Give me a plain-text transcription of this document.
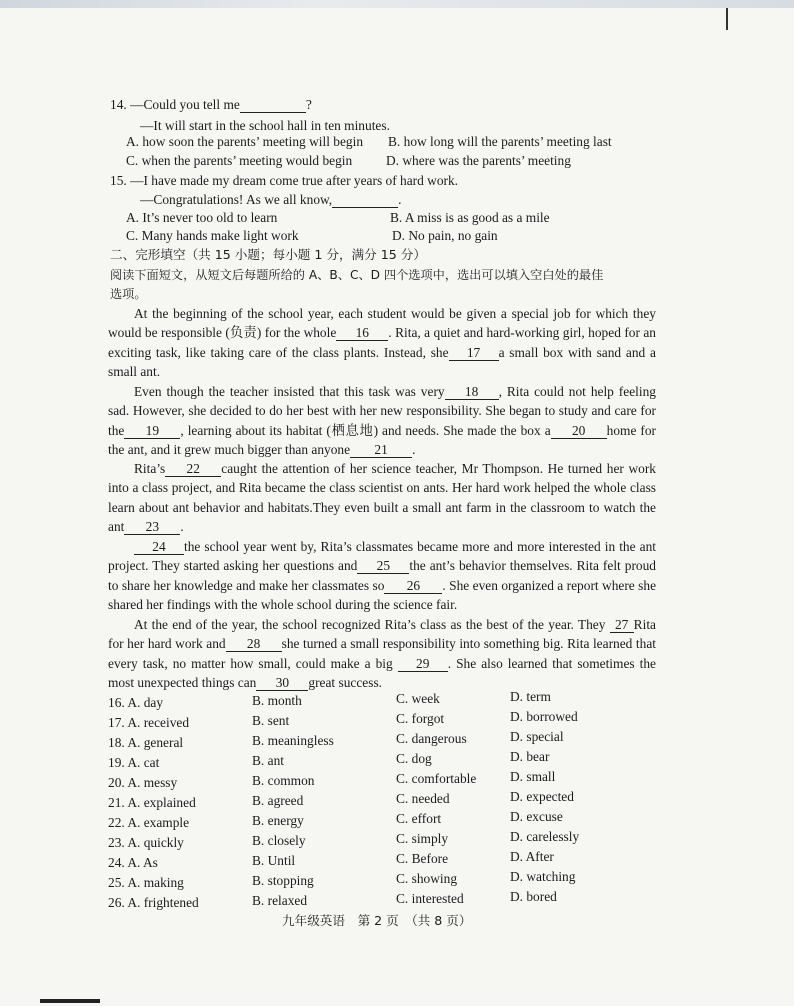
14. —Could you tell me	?
—It will start in the school hall in ten minutes.
A. how soon the parents’ meeting will begin B. how long will the parents’ meeting last
C. when the parents’ meeting would begin	D. where was the parents’ meeting
15. —I have made my dream come true after years of hard work.
—Congratulations! As we all know,	.
A. It’s never too old to learn	B. A miss is as good as a mile
C. Many hands make light work	D. No pain, no gain
二、完形填空（共 15 小题；每小题 1 分，满分 15 分）
阅读下面短文，从短文后每题所给的 A、B、C、D 四个选项中，选出可以填入空白处的最佳
选项。
At the beginning of the school year, each student would be given a special job for which they would be responsible (负责) for the whole 16 . Rita, a quiet and hard-working girl, hoped for an exciting task, like taking care of the class plants. Instead, she 17 a small box with sand and a small ant.
Even though the teacher insisted that this task was very 18 , Rita could not help feeling sad. However, she decided to do her best with her new responsibility. She began to study and care for the 19 , learning about its habitat (栖息地) and needs. She made the box a 20 home for the ant, and it grew much bigger than anyone 21 .
Rita’s 22 caught the attention of her science teacher, Mr Thompson. He turned her work into a class project, and Rita became the class scientist on ants. Her hard work helped the whole class learn about ant behavior and habitats.They even built a small ant farm in the classroom to watch the ant 23 .
24 the school year went by, Rita’s classmates became more and more interested in the ant project. They started asking her questions and 25 the ant’s behavior themselves. Rita felt proud to share her knowledge and make her classmates so 26 . She even organized a report where she shared her findings with the whole school during the science fair.
At the end of the year, the school recognized Rita’s class as the best of the year. They 27 Rita for her hard work and 28 she turned a small responsibility into something big. Rita learned that every task, no matter how small, could make a big 29 . She also learned that sometimes the most unexpected things can 30 great success.
16. A. day	B. month	C. week	D. term
17. A. received	B. sent	C. forgot	D. borrowed
18. A. general	B. meaningless	C. dangerous	D. special
19. A. cat	B. ant	C. dog	D. bear
20. A. messy	B. common	C. comfortable	D. small
21. A. explained	B. agreed	C. needed	D. expected
22. A. example	B. energy	C. effort	D. excuse
23. A. quickly	B. closely	C. simply	D. carelessly
24. A. As	B. Until	C. Before	D. After
25. A. making	B. stopping	C. showing	D. watching
26. A. frightened	B. relaxed	C. interested	D. bored
九年级英语　第 2 页　（共 8 页）
